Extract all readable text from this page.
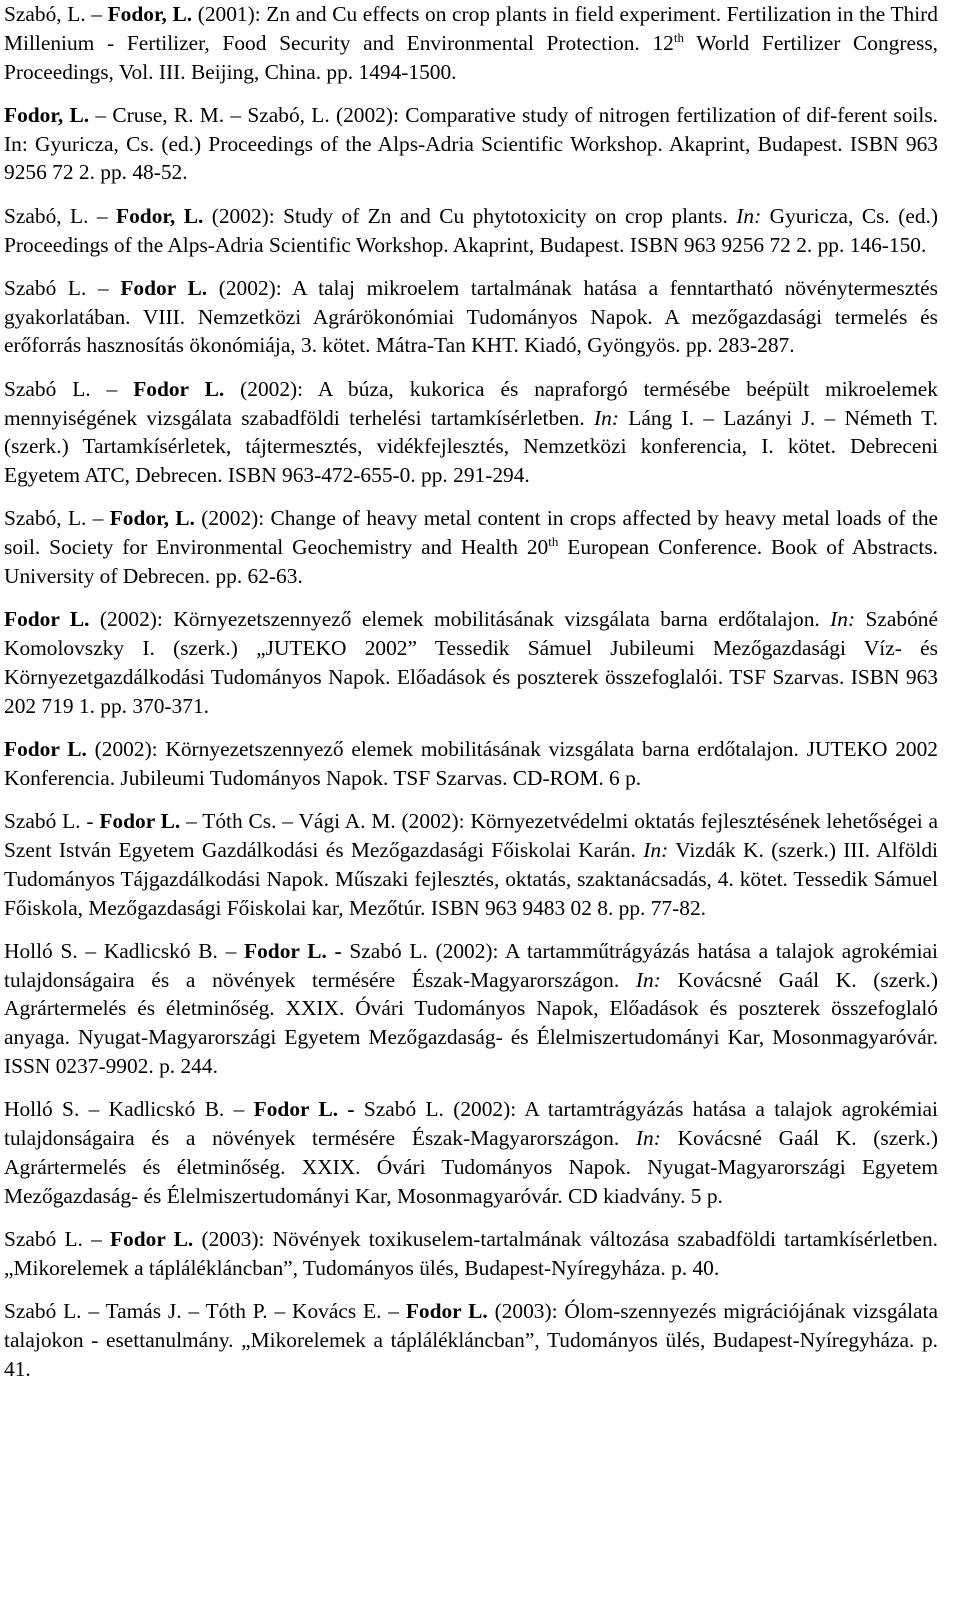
Szabó, L. – Fodor, L. (2001): Zn and Cu effects on crop plants in field experiment. Fertilization in the Third Millenium - Fertilizer, Food Security and Environmental Protection. 12th World Fertilizer Congress, Proceedings, Vol. III. Beijing, China. pp. 1494-1500.

Fodor, L. – Cruse, R. M. – Szabó, L. (2002): Comparative study of nitrogen fertilization of dif-ferent soils. In: Gyuricza, Cs. (ed.) Proceedings of the Alps-Adria Scientific Workshop. Akaprint, Budapest. ISBN 963 9256 72 2. pp. 48-52.

Szabó, L. – Fodor, L. (2002): Study of Zn and Cu phytotoxicity on crop plants. In: Gyuricza, Cs. (ed.) Proceedings of the Alps-Adria Scientific Workshop. Akaprint, Budapest. ISBN 963 9256 72 2. pp. 146-150.

Szabó L. – Fodor L. (2002): A talaj mikroelem tartalmának hatása a fenntartható növénytermesztés gyakorlatában. VIII. Nemzetközi Agrárökonómiai Tudományos Napok. A mezőgazdasági termelés és erőforrás hasznosítás ökonómiája, 3. kötet. Mátra-Tan KHT. Kiadó, Gyöngyös. pp. 283-287.

Szabó L. – Fodor L. (2002): A búza, kukorica és napraforgó termésébe beépült mikroelemek mennyiségének vizsgálata szabadföldi terhelési tartamkísérletben. In: Láng I. – Lazányi J. – Németh T. (szerk.) Tartamkísérletek, tájtermesztés, vidékfejlesztés, Nemzetközi konferencia, I. kötet. Debreceni Egyetem ATC, Debrecen. ISBN 963-472-655-0. pp. 291-294.

Szabó, L. – Fodor, L. (2002): Change of heavy metal content in crops affected by heavy metal loads of the soil. Society for Environmental Geochemistry and Health 20th European Conference. Book of Abstracts. University of Debrecen. pp. 62-63.

Fodor L. (2002): Környezetszennyező elemek mobilitásának vizsgálata barna erdőtalajon. In: Szabóné Komolovszky I. (szerk.) „JUTEKO 2002” Tessedik Sámuel Jubileumi Mezőgazdasági Víz- és Környezetgazdálkodási Tudományos Napok. Előadások és poszterek összefoglalói. TSF Szarvas. ISBN 963 202 719 1. pp. 370-371.

Fodor L. (2002): Környezetszennyező elemek mobilitásának vizsgálata barna erdőtalajon. JUTEKO 2002 Konferencia. Jubileumi Tudományos Napok. TSF Szarvas. CD-ROM. 6 p.

Szabó L. - Fodor L. – Tóth Cs. – Vági A. M. (2002): Környezetvédelmi oktatás fejlesztésének lehetőségei a Szent István Egyetem Gazdálkodási és Mezőgazdasági Főiskolai Karán. In: Vizdák K. (szerk.) III. Alföldi Tudományos Tájgazdálkodási Napok. Műszaki fejlesztés, oktatás, szaktanácsadás, 4. kötet. Tessedik Sámuel Főiskola, Mezőgazdasági Főiskolai kar, Mezőtúr. ISBN 963 9483 02 8. pp. 77-82.

Holló S. – Kadlicskó B. – Fodor L. - Szabó L. (2002): A tartamműtrágyázás hatása a talajok agrokémiai tulajdonságaira és a növények termésére Észak-Magyarországon. In: Kovácsné Gaál K. (szerk.) Agrártermelés és életminőség. XXIX. Óvári Tudományos Napok, Előadások és poszterek összefoglaló anyaga. Nyugat-Magyarországi Egyetem Mezőgazdaság- és Élelmiszertudományi Kar, Mosonmagyaróvár. ISSN 0237-9902. p. 244.

Holló S. – Kadlicskó B. – Fodor L. - Szabó L. (2002): A tartamtrágyázás hatása a talajok agrokémiai tulajdonságaira és a növények termésére Észak-Magyarországon. In: Kovácsné Gaál K. (szerk.) Agrártermelés és életminőség. XXIX. Óvári Tudományos Napok. Nyugat-Magyarországi Egyetem Mezőgazdaság- és Élelmiszertudományi Kar, Mosonmagyaróvár. CD kiadvány. 5 p.

Szabó L. – Fodor L. (2003): Növények toxikuselem-tartalmának változása szabadföldi tartamkísérletben. „Mikorelemek a táplálékláncban”, Tudományos ülés, Budapest-Nyíregyháza. p. 40.

Szabó L. – Tamás J. – Tóth P. – Kovács E. – Fodor L. (2003): Ólom-szennyezés migrációjának vizsgálata talajokon - esettanulmány. „Mikorelemek a táplálékláncban”, Tudományos ülés, Budapest-Nyíregyháza. p. 41.
